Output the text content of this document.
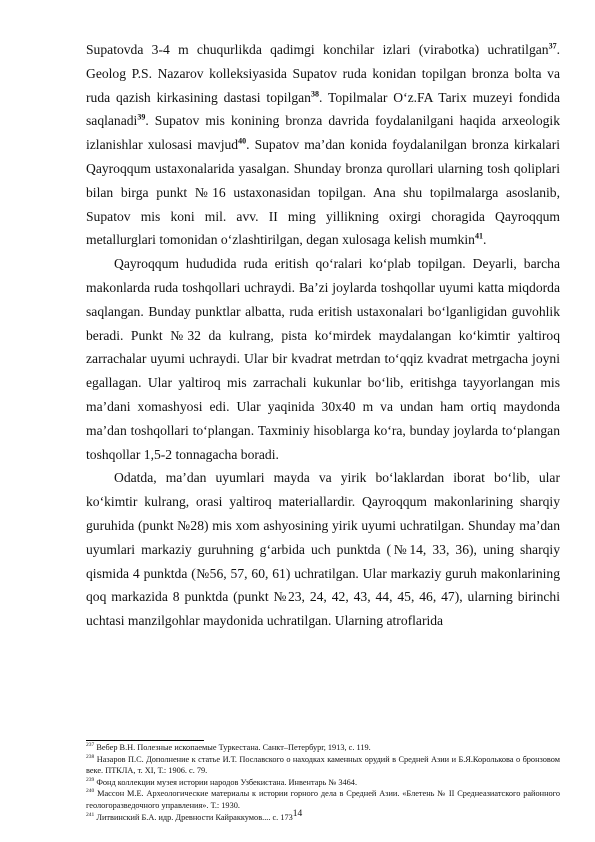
Supatovda 3-4 m chuqurlikda qadimgi konchilar izlari (virabotka) uchratilgan$^{37}$. Geolog P.S. Nazarov kolleksiyasida Supatov ruda konidan topilgan bronza bolta va ruda qazish kirkasining dastasi topilgan$^{38}$. Topilmalar O‘z.FA Tarix muzeyi fondida saqlanadi$^{39}$. Supatov mis konining bronza davrida foydalanilgani haqida arxeologik izlanishlar xulosasi mavjud$^{40}$. Supatov ma’dan konida foydalanilgan bronza kirkalari Qayroqqum ustaxonalarida yasalgan. Shunday bronza qurollari ularning tosh qoliplari bilan birga punkt №16 ustaxonasidan topilgan. Ana shu topilmalarga asoslanib, Supatov mis koni mil. avv. II ming yillikning oxirgi choragida Qayroqqum metallurglari tomonidan o‘zlashtirilgan, degan xulosaga kelish mumkin$^{41}$.

Qayroqqum hududida ruda eritish qo‘ralari ko‘plab topilgan. Deyarli, barcha makonlarda ruda toshqollari uchraydi. Ba’zi joylarda toshqollar uyumi katta miqdorda saqlangan. Bunday punktlar albatta, ruda eritish ustaxonalari bo‘lganligidan guvohlik beradi. Punkt №32 da kulrang, pista ko‘mirdek maydalangan ko‘kimtir yaltiroq zarrachalar uyumi uchraydi. Ular bir kvadrat metrdan to‘qqiz kvadrat metrgacha joyni egallagan. Ular yaltiroq mis zarrachali kukunlar bo‘lib, eritishga tayyorlangan mis ma’dani xomashyosi edi. Ular yaqinida 30x40 m va undan ham ortiq maydonda ma’dan toshqollari to‘plangan. Taxminiy hisoblarga ko‘ra, bunday joylarda to‘plangan toshqollar 1,5-2 tonnagacha boradi.

Odatda, ma’dan uyumlari mayda va yirik bo‘laklardan iborat bo‘lib, ular ko‘kimtir kulrang, orasi yaltiroq materiallardir. Qayroqqum makonlarining sharqiy guruhida (punkt №28) mis xom ashyosining yirik uyumi uchratilgan. Shunday ma’dan uyumlari markaziy guruhning g‘arbida uch punktda (№14, 33, 36), uning sharqiy qismida 4 punktda (№56, 57, 60, 61) uchratilgan. Ular markaziy guruh makonlarining qoq markazida 8 punktda (punkt №23, 24, 42, 43, 44, 45, 46, 47), ularning birinchi uchtasi manzilgohlar maydonida uchratilgan. Ularning atroflarida

$^{237}$ Вебер В.Н. Полезные ископаемые Туркестана. Санкт–Петербург, 1913, с. 119.

$^{238}$ Назаров П.С. Дополнение к статье И.Т. Пославского о находках каменных орудий в Средней Азии и Б.Я.Королькова о бронзовом веке. ПТКЛА, т. XI, Т.: 1906. с. 79.

$^{239}$ Фонд коллекции музея истории народов Узбекистана. Инвентарь № 3464.

$^{240}$ Массон М.Е. Археологические материалы к истории горного дела в Средней Азии. «Блетень № II Среднеазиатского районного геологоразведочного управления». Т.: 1930.

$^{241}$ Литвинский Б.А. идр. Древности Кайраккумов.... с. 173 14
